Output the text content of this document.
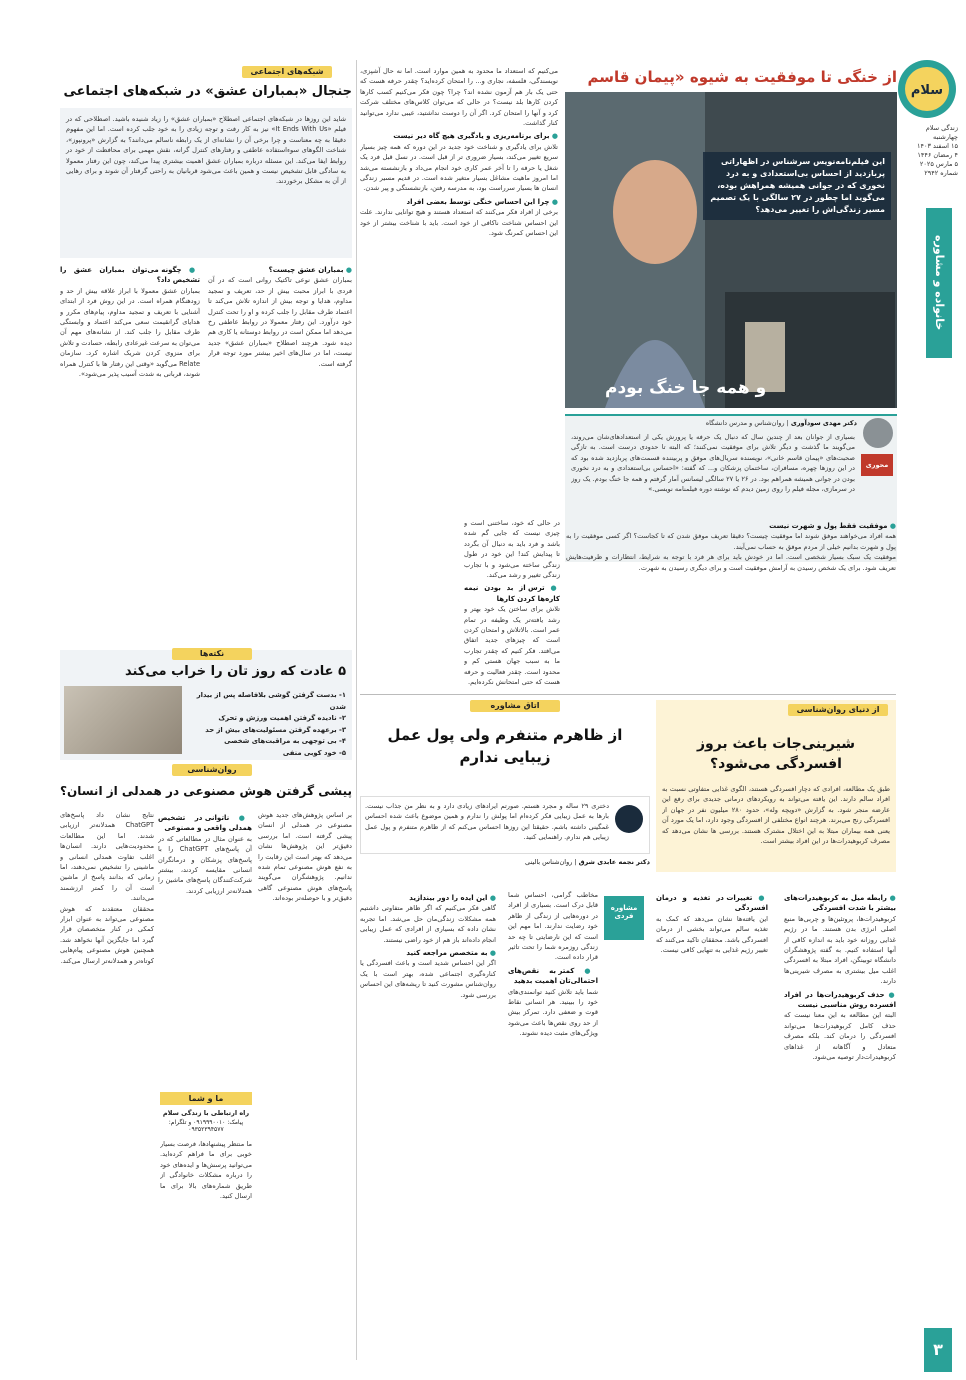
سلام
زندگی سلام
چهارشنبه
۱۵ اسفند ۱۴۰۳
۴ رمضان ۱۴۴۶
۵ مارس ۲۰۲۵
شماره ۲۹۴۲
خانواده و مشاوره
۳
از خنگی تا موفقیت به شیوه «پیمان قاسم
این فیلم‌نامه‌نویس سرشناس در اظهاراتی پربازدید از احساس بی‌استعدادی و به درد نخوری که در جوانی همیشه همراهش بوده، می‌گوید اما چطور در ۲۷ سالگی با یک تصمیم مسیر زندگی‌اش را تغییر می‌دهد؟
و همه جا خنگ بودم
دکتر مهدی سودآوری | روان‌شناس و مدرس دانشگاه
محوری
بسیاری از جوانان بعد از چندین سال که دنبال یک حرفه یا پرورش یکی از استعدادهای‌شان می‌روند، می‌گویند ما گذشت و دیگر تلاش برای موفقیت نمی‌کنند؛ که البته تا حدودی درست است. به تازگی صحبت‌های «پیمان قاسم خانی»، نویسنده سریال‌های موفق و پربیننده قسمت‌های پربازدید شده بود که در این روزها چهره، مسافران، ساختمان پزشکان و... که گفته: «احساس بی‌استعدادی و به درد نخوری بودن در جوانی همیشه همراهم بود. در ۲۶ یا ۲۷ سالگی لیسانس آمار گرفتم و همه جا خنگ بودم. یک روز در سرمازی، مجله فیلم را روی زمین دیدم که نوشته دوره فیلمنامه نویسی.»
می‌کنیم که استعداد ما محدود به همین موارد است. اما نه حال آشپزی، نویسندگی، فلسفه، نجاری و... را امتحان کرده‌اید؟ چقدر حرفه هست که حتی یک بار هم آزمون نشده اند؟ چرا؟ چون فکر می‌کنیم کسب کارها کردن کارها بلد نیست؟ در حالی که می‌توان کلاس‌های مختلف شرکت کرد و آنها را امتحان کرد. اگر آن را دوست نداشتید، عیبی ندارد می‌توانید کنار گذاشت.
● برای برنامه‌ریزی و یادگیری هیچ گاه دیر نیست
تلاش برای یادگیری و شناخت خود جدید در این دوره که همه چیز بسیار سریع تغییر می‌کند، بسیار ضروری تر از قبل است. در نسل قبل فرد یک شغل یا حرفه را تا آخر عمر کاری خود انجام می‌داد و بازنشسته می‌شد اما امروز ماهیت مشاغل بسیار متغیر شده است. در قدیم مسیر زندگی انسان ها بسیار سرراست بود، به مدرسه رفتن، بازنشستگی و پیر شدن.
● چرا این احساس خنگی توسط بعضی افراد
برخی از افراد فکر می‌کنند که استعداد هستند و هیچ توانایی ندارند. علت این احساس شناخت ناکافی از خود است. باید با شناخت بیشتر از خود این احساس کمرنگ شود.
در حالی که خود، ساختنی است و چیزی نیست که جایی گم شده باشد و فرد باید به دنبال آن بگردد تا پیدایش کند! این خود در طول زندگی ساخته می‌شود و با تجارب زندگی تغییر و رشد می‌کند.
● ترس از بد بودن نیمه کاره‌ها کردن کارها
تلاش برای ساختن یک خود بهتر و رشد یافته‌تر یک وظیفه در تمام عمر است. بالاتلاش و امتحان کردن است که چیزهای جدید اتفاق می‌افتد. فکر کنیم که چقدر تجارب ما به سبب جهان هستی کم و محدود است. چقدر فعالیت و حرفه هست که حتی امتحانش نکرده‌ایم.
● موفقیت فقط پول و شهرت نیست
همه افراد می‌خواهند موفق شوند اما موفقیت چیست؟ دقیقا تعریف موفق شدن که تا کجاست؟ اگر کسی موفقیت را به پول و شهرت بدانیم خیلی از مردم موفق به حساب نمی‌آیند.
موفقیت یک سبک بسیار شخصی است. اما در خودش باید برای هر فرد با توجه به شرایط، انتظارات و ظرفیت‌هایش تعریف شود. برای یک شخص رسیدن به آرامش موفقیت است و برای دیگری رسیدن به شهرت.
شبکه‌های اجتماعی
جنجال «بمباران عشق» در شبکه‌های اجتماعی
شاید این روزها در شبکه‌های اجتماعی اصطلاح «بمباران عشق» را زیاد شنیده باشید. اصطلاحی که در فیلم «It Ends With Us» نیز به کار رفت و توجه زیادی را به خود جلب کرده است. اما این مفهوم دقیقا به چه معناست و چرا برخی آن را نشانه‌ای از یک رابطه ناسالم می‌دانند؟ به گزارش «پرونپوز»، شناخت الگوهای سوءاستفاده عاطفی و رفتارهای کنترل گرانه، نقش مهمی برای محافظت از خود در روابط ایفا می‌کند. این مسئله درباره بمباران عشق اهمیت بیشتری پیدا می‌کند، چون این رفتار معمولا به سادگی قابل تشخیص نیست و همین باعث می‌شود قربانیان به راحتی گرفتار آن شوند و برای رهایی از آن به مشکل برخوردند.
● بمباران عشق چیست؟
بمباران عشق نوعی تاکتیک روانی است که در آن فردی با ابراز محبت بیش از حد، تعریف و تمجید مداوم، هدایا و توجه بیش از اندازه تلاش می‌کند تا اعتماد طرف مقابل را جلب کرده و او را تحت کنترل خود درآورد. این رفتار معمولا در روابط عاطفی رخ می‌دهد اما ممکن است در روابط دوستانه یا کاری هم دیده شود. هرچند اصطلاح «بمباران عشق» جدید نیست، اما در سال‌های اخیر بیشتر مورد توجه قرار گرفته است.
● چگونه می‌توان بمباران عشق را تشخیص داد؟
بمباران عشق معمولا با ابراز علاقه بیش از حد و زودهنگام همراه است. در این روش فرد از ابتدای آشنایی با تعریف و تمجید مداوم، پیام‌های مکرر و هدایای گرانقیمت سعی می‌کند اعتماد و وابستگی طرف مقابل را جلب کند. از نشانه‌های مهم آن می‌توان به سرعت غیرعادی رابطه، حسادت و تلاش برای منزوی کردن شریک اشاره کرد. سازمان Relate می‌گوید «وقتی این رفتار ها با کنترل همراه شوند، قربانی به شدت آسیب پذیر می‌شود».
نکته‌ها
۵ عادت که روز تان را خراب می‌کند
۱- بدست گرفتن گوشی بلافاصله پس از بیدار شدن
۲- نادیده گرفتن اهمیت ورزش و تحرک
۳- برعهده گرفتن مسئولیت‌های بیش از حد
۴- بی توجهی به مراقبت‌های شخصی
۵- خود کوبی منفی
روان‌شناسی
پیشی گرفتن هوش مصنوعی در همدلی از انسان؟
بر اساس پژوهش‌های جدید هوش مصنوعی در همدلی از انسان پیشی گرفته است. اما بررسی دقیق‌تر این پژوهش‌ها نشان می‌دهد که بهتر است این رقابت را به نفع هوش مصنوعی تمام شده ندانیم. پژوهشگران می‌گویند پاسخ‌های هوش مصنوعی گاهی دقیق‌تر و با حوصله‌تر بوده‌اند.
● ناتوانی در تشخیص همدلی واقعی و مصنوعی
به عنوان مثال در مطالعاتی که در آن پاسخ‌های ChatGPT را با پاسخ‌های پزشکان و درمانگران انسانی مقایسه کردند، بیشتر شرکت‌کنندگان پاسخ‌های ماشین را همدلانه‌تر ارزیابی کردند.
نتایج نشان داد پاسخ‌های ChatGPT همدلانه‌تر ارزیابی شدند. اما این مطالعات محدودیت‌هایی دارند. انسان‌ها اغلب تفاوت همدلی انسانی و ماشینی را تشخیص نمی‌دهند، اما زمانی که بدانند پاسخ از ماشین است آن را کمتر ارزشمند می‌دانند.
محققان معتقدند که هوش مصنوعی می‌تواند به عنوان ابزار کمکی در کنار متخصصان قرار گیرد اما جایگزین آنها نخواهد شد. همچنین هوش مصنوعی پیام‌هایی کوتاه‌تر و همدلانه‌تر ارسال می‌کند.
ما و شما
راه ارتباطی با زندگی سلام
پیامک: ۰۹۱۹۹۹۰۰۱۰ و تلگرام: ۰۹۳۵۲۳۹۴۵۷۷
ما منتظر پیشنهادها، فرصت بسیار خوبی برای ما فراهم کرده‌اید. می‌توانید پرسش‌ها و ایده‌های خود را درباره مشکلات خانوادگی از طریق شماره‌های بالا برای ما ارسال کنید.
اتاق مشاوره
از ظاهرم متنفرم ولی پول عمل زیبایی ندارم
دختری ۲۹ ساله و مجرد هستم. صورتم ایرادهای زیادی دارد و به نظر من جذاب نیست. بارها به عمل زیبایی فکر کرده‌ام اما پولش را ندارم و همین موضوع باعث شده احساس غمگینی داشته باشم. حقیقتا این روزها احساس می‌کنم که از ظاهرم متنفرم و پول عمل زیبایی هم ندارم. راهنمایی کنید.
دکتر نجمه عابدی شرق | روان‌شناس بالینی
مشاوره فردی
مخاطب گرامی، احساس شما قابل درک است. بسیاری از افراد در دوره‌هایی از زندگی از ظاهر خود رضایت ندارند. اما مهم این است که این نارضایتی تا چه حد زندگی روزمره شما را تحت تاثیر قرار داده است.
● کمتر به نقص‌های احتمالی‌تان اهمیت بدهید
شما باید تلاش کنید توانمندی‌های خود را ببینید. هر انسانی نقاط قوت و ضعفی دارد. تمرکز بیش از حد روی نقص‌ها باعث می‌شود ویژگی‌های مثبت دیده نشوند.
● این ایده را دور بیندازید
گاهی فکر می‌کنیم که اگر ظاهر متفاوتی داشتیم همه مشکلات زندگی‌مان حل می‌شد. اما تجربه نشان داده که بسیاری از افرادی که عمل زیبایی انجام داده‌اند باز هم از خود راضی نیستند.
● به متخصص مراجعه کنید
اگر این احساس شدید است و باعث افسردگی یا کناره‌گیری اجتماعی شده، بهتر است با یک روان‌شناس مشورت کنید تا ریشه‌های این احساس بررسی شود.
از دنیای روان‌شناسی
شیرینی‌جات باعث بروز افسردگی می‌شود؟
طبق یک مطالعه، افرادی که دچار افسردگی هستند، الگوی غذایی متفاوتی نسبت به افراد سالم دارند. این یافته می‌تواند به رویکردهای درمانی جدیدی برای رفع این عارضه منجر شود. به گزارش «دویچه وله»، حدود ۲۸۰ میلیون نفر در جهان از افسردگی رنج می‌برند. هرچند انواع مختلفی از افسردگی وجود دارد، اما یک مورد آن یعنی همه بیماران مبتلا به این اختلال مشترک هستند. بررسی ها نشان می‌دهد که مصرف کربوهیدرات‌ها در این افراد بیشتر است.
● رابطه میل به کربوهیدرات‌های بیشتر با شدت افسردگی
کربوهیدرات‌ها، پروتئین‌ها و چربی‌ها منبع اصلی انرژی بدن هستند. ما در رژیم غذایی روزانه خود باید به اندازه کافی از آنها استفاده کنیم. به گفته پژوهشگران دانشگاه توبینگن، افراد مبتلا به افسردگی اغلب میل بیشتری به مصرف شیرینی‌ها دارند.
● حذف کربوهیدرات‌ها در افراد افسرده روش مناسبی نیست
البته این مطالعه به این معنا نیست که حذف کامل کربوهیدرات‌ها می‌تواند افسردگی را درمان کند. بلکه مصرف متعادل و آگاهانه از غذاهای کربوهیدرات‌دار توصیه می‌شود.
● تغییرات در تغذیه و درمان افسردگی
این یافته‌ها نشان می‌دهد که کمک به تغذیه سالم می‌تواند بخشی از درمان افسردگی باشد. محققان تاکید می‌کنند که تغییر رژیم غذایی به تنهایی کافی نیست.
